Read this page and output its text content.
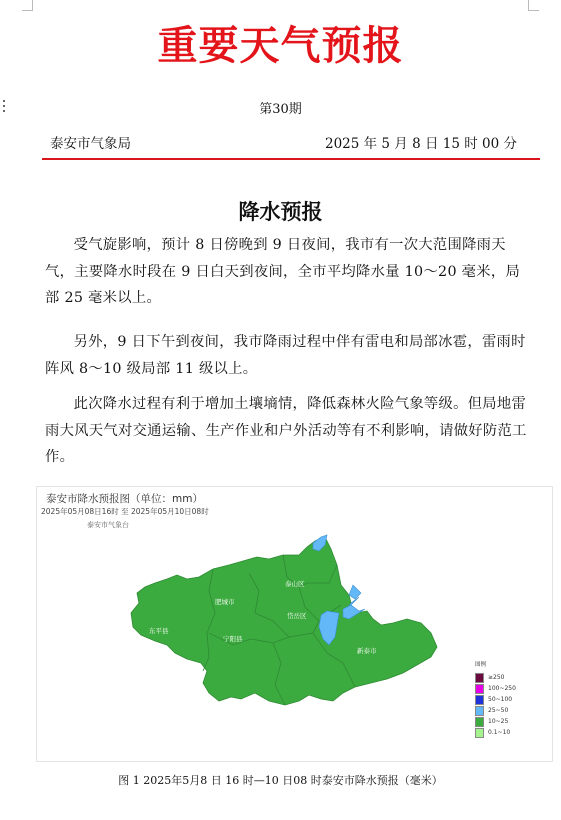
重要天气预报
第30期
泰安市气象局	2025 年 5 月 8 日 15 时 00 分
降水预报
受气旋影响，预计 8 日傍晚到 9 日夜间，我市有一次大范围降雨天气，主要降水时段在 9 日白天到夜间，全市平均降水量 10～20 毫米，局部 25 毫米以上。
另外，9 日下午到夜间，我市降雨过程中伴有雷电和局部冰雹，雷雨时阵风 8～10 级局部 11 级以上。
此次降水过程有利于增加土壤墒情，降低森林火险气象等级。但局地雷雨大风天气对交通运输、生产作业和户外活动等有不利影响，请做好防范工作。
泰安市降水预报图（单位：mm）
2025年05月08日16时 至 2025年05月10日08时
泰安市气象台
新泰市
肥城市
泰山区
岱岳区
宁阳县
东平县
图例
≥250
100~250
50~100
25~50
10~25
0.1~10
图 1 2025年5月8 日 16 时—10 日08 时泰安市降水预报（毫米）
